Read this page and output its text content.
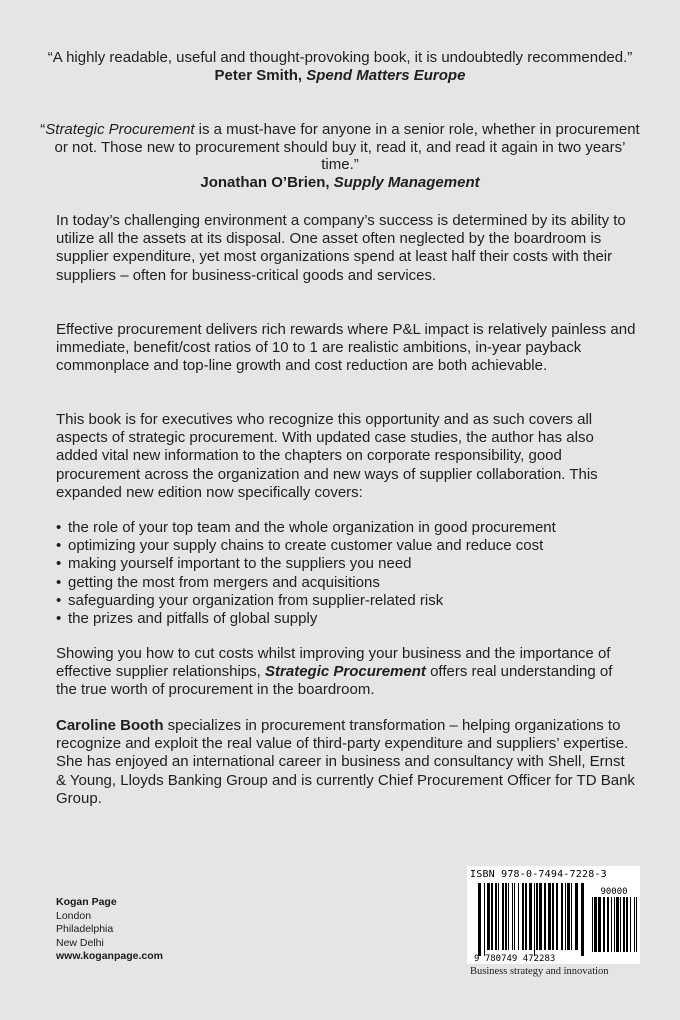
“A highly readable, useful and thought-provoking book, it is undoubtedly recommended.”

Peter Smith, Spend Matters Europe

“Strategic Procurement is a must-have for anyone in a senior role, whether in procurement or not. Those new to procurement should buy it, read it, and read it again in two years’ time.”

Jonathan O’Brien, Supply Management

In today’s challenging environment a company’s success is determined by its ability to utilize all the assets at its disposal. One asset often neglected by the boardroom is supplier expenditure, yet most organizations spend at least half their costs with their suppliers – often for business-critical goods and services.

Effective procurement delivers rich rewards where P&L impact is relatively painless and immediate, benefit/cost ratios of 10 to 1 are realistic ambitions, in-year payback commonplace and top-line growth and cost reduction are both achievable.

This book is for executives who recognize this opportunity and as such covers all aspects of strategic procurement. With updated case studies, the author has also added vital new information to the chapters on corporate responsibility, good procurement across the organization and new ways of supplier collaboration. This expanded new edition now specifically covers:

• the role of your top team and the whole organization in good procurement
• optimizing your supply chains to create customer value and reduce cost
• making yourself important to the suppliers you need
• getting the most from mergers and acquisitions
• safeguarding your organization from supplier-related risk
• the prizes and pitfalls of global supply

Showing you how to cut costs whilst improving your business and the importance of effective supplier relationships, Strategic Procurement offers real understanding of the true worth of procurement in the boardroom.

Caroline Booth specializes in procurement transformation – helping organizations to recognize and exploit the real value of third-party expenditure and suppliers’ expertise. She has enjoyed an international career in business and consultancy with Shell, Ernst & Young, Lloyds Banking Group and is currently Chief Procurement Officer for TD Bank Group.

Kogan Page
London
Philadelphia
New Delhi
www.koganpage.com
ISBN 978-0-7494-7228-3
90000
9 780749 472283
Business strategy and innovation
